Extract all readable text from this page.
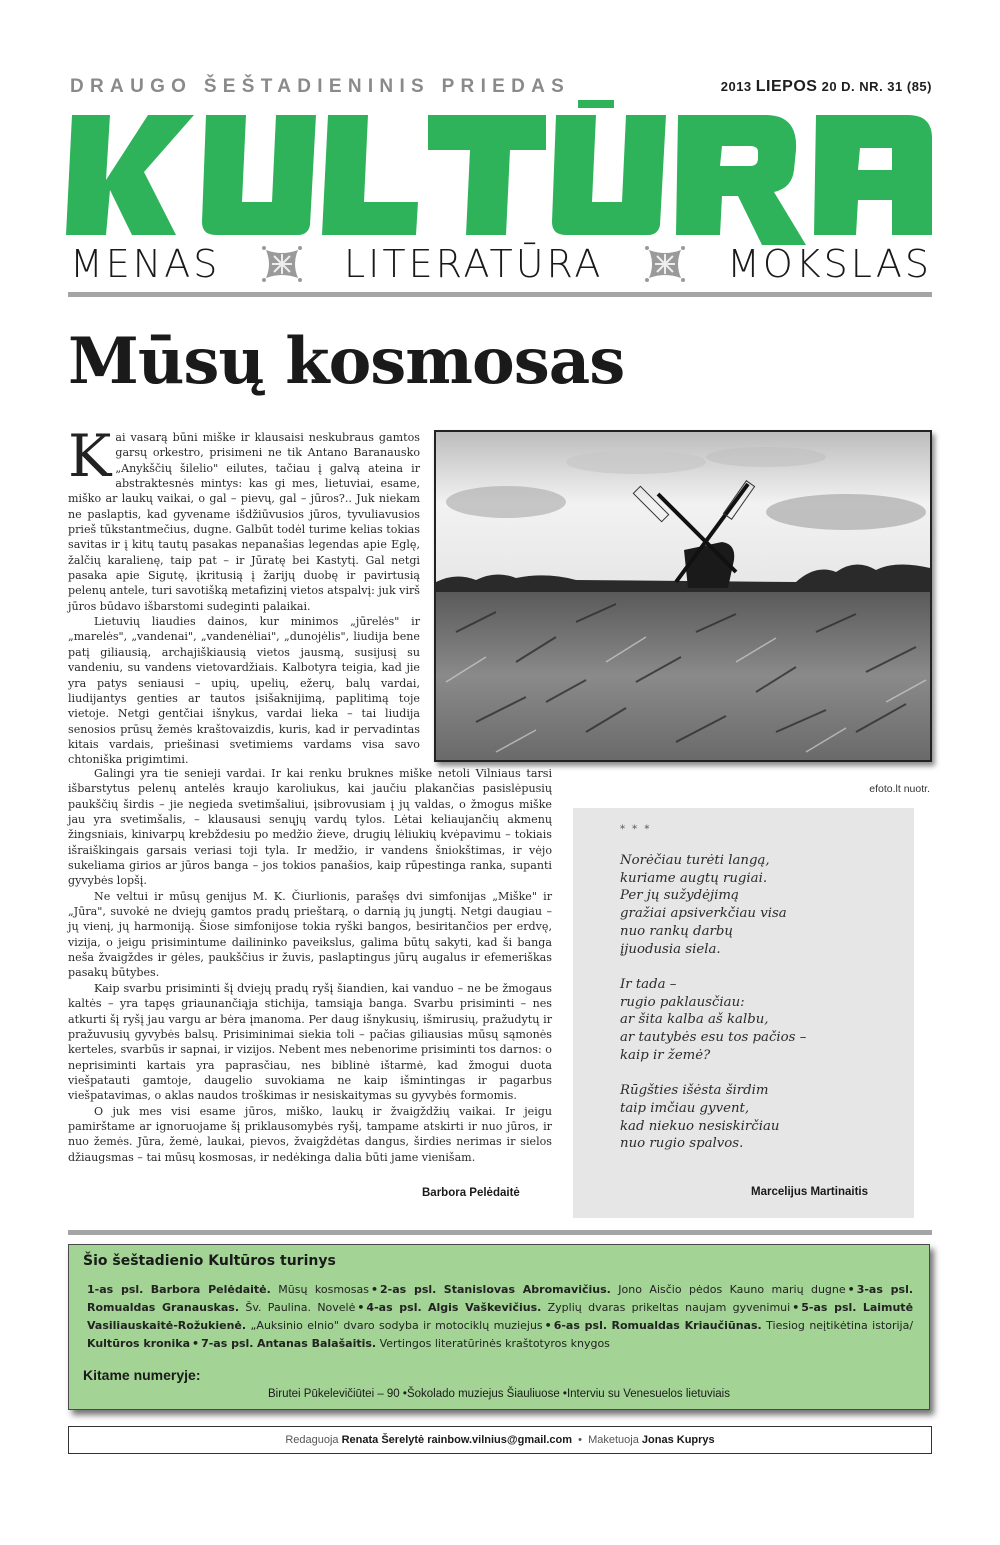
DRAUGO ŠEŠTADIENINIS PRIEDAS	2013 LIEPOS 20 D. NR. 31 (85)
MENAS	LITERATŪRA	MOKSLAS
Mūsų kosmosas

Kai vasarą būni miške ir klausaisi neskubraus gamtos garsų orkestro, prisimeni ne tik Antano Baranausko „Anykščių šilelio" eilutes, tačiau į galvą ateina ir abstraktesnės mintys: kas gi mes, lietuviai, esame, miško ar laukų vaikai, o gal – pievų, gal – jūros?.. Juk niekam ne paslaptis, kad gyvename išdžiūvusios jūros, tyvuliavusios prieš tūkstantmečius, dugne. Galbūt todėl turime kelias tokias savitas ir į kitų tautų pasakas nepanašias legendas apie Eglę, žalčių karalienę, taip pat – ir Jūratę bei Kastytį. Gal netgi pasaka apie Sigutę, įkritusią į žarijų duobę ir pavirtusią pelenų antele, turi savotišką metafizinį vietos atspalvį: juk virš jūros būdavo išbarstomi sudeginti palaikai.

Lietuvių liaudies dainos, kur minimos „jūrelės" ir „marelės", „vandenai", „vandenėliai", „dunojėlis", liudija bene patį giliausią, archajiškiausią vietos jausmą, susijusį su vandeniu, su vandens vietovardžiais. Kalbotyra teigia, kad jie yra patys seniausi – upių, upelių, ežerų, balų vardai, liudijantys genties ar tautos įsišaknijimą, paplitimą toje vietoje. Netgi gentčiai išnykus, vardai lieka – tai liudija senosios prūsų žemės kraštovaizdis, kuris, kad ir pervadintas kitais vardais, priešinasi svetimiems vardams visa savo chtoniška prigimtimi.

efoto.lt nuotr.

Galingi yra tie senieji vardai. Ir kai renku bruknes miške netoli Vilniaus tarsi išbarstytus pelenų antelės kraujo karoliukus, kai jaučiu plakančias pasislėpusių paukščių širdis – jie negieda svetimšaliui, įsibrovusiam į jų valdas, o žmogus miške jau yra svetimšalis, – klausausi senųjų vardų tylos. Lėtai keliaujančių akmenų žingsniais, kinivarpų krebždesiu po medžio žieve, drugių lėliukių kvėpavimu – tokiais išraiškingais garsais veriasi toji tyla. Ir medžio, ir vandens šniokštimas, ir vėjo sukeliama girios ar jūros banga – jos tokios panašios, kaip rūpestinga ranka, supanti gyvybės lopšį.

Ne veltui ir mūsų genijus M. K. Čiurlionis, parašęs dvi simfonijas „Miške" ir „Jūra", suvokė ne dviejų gamtos pradų prieštarą, o darnią jų jungtį. Netgi daugiau – jų vienį, jų harmoniją. Šiose simfonijose tokia ryški bangos, besiritančios per erdvę, vizija, o jeigu prisimintume dailininko paveikslus, galima būtų sakyti, kad ši banga neša žvaigždes ir gėles, paukščius ir žuvis, paslaptingus jūrų augalus ir efemeriškas pasakų būtybes.

Kaip svarbu prisiminti šį dviejų pradų ryšį šiandien, kai vanduo – ne be žmogaus kaltės – yra tapęs griaunančiąja stichija, tamsiąja banga. Svarbu prisiminti – nes atkurti šį ryšį jau vargu ar bėra įmanoma. Per daug išnykusių, išmirusių, pražudytų ir pražuvusių gyvybės balsų. Prisiminimai siekia toli – pačias giliausias mūsų sąmonės kerteles, svarbūs ir sapnai, ir vizijos. Nebent mes nebenorime prisiminti tos darnos: o neprisiminti kartais yra paprasčiau, nes biblinė ištarmė, kad žmogui duota viešpatauti gamtoje, daugelio suvokiama ne kaip išmintingas ir pagarbus viešpatavimas, o aklas naudos troškimas ir nesiskaitymas su gyvybės formomis.

O juk mes visi esame jūros, miško, laukų ir žvaigždžių vaikai. Ir jeigu pamirštame ar ignoruojame šį priklausomybės ryšį, tampame atskirti ir nuo jūros, ir nuo žemės. Jūra, žemė, laukai, pievos, žvaigždėtas dangus, širdies nerimas ir sielos džiaugsmas – tai mūsų kosmosas, ir nedėkinga dalia būti jame vienišam.

Barbora Pelėdaitė
* * *
Norėčiau turėti langą,
kuriame augtų rugiai.
Per jų sužydėjimą
gražiai apsiverkčiau visa
nuo rankų darbų
įjuodusia siela.
Ir tada –
rugio paklausčiau:
ar šita kalba aš kalbu,
ar tautybės esu tos pačios –
kaip ir žemė?
Rūgšties išėsta širdim
taip imčiau gyvent,
kad niekuo nesiskirčiau
nuo rugio spalvos.
Marcelijus Martinaitis
Šio šeštadienio Kultūros turinys
1-as psl. Barbora Pelėdaitė. Mūsų kosmosas • 2-as psl. Stanislovas Abromavičius. Jono Aisčio pėdos Kauno marių dugne • 3-as psl. Romualdas Granauskas. Šv. Paulina. Novelė • 4-as psl. Algis Vaškevičius. Zyplių dvaras prikeltas naujam gyvenimui • 5-as psl. Laimutė Vasiliauskaitė-Rožukienė. „Auksinio elnio" dvaro sodyba ir motociklų muziejus • 6-as psl. Romualdas Kriaučiūnas. Tiesiog neįtikėtina istorija/ Kultūros kronika • 7-as psl. Antanas Balašaitis. Vertingos literatūrinės kraštotyros knygos
Kitame numeryje:
Birutei Pūkelevičiūtei – 90 •Šokolado muziejus Šiauliuose •Interviu su Venesuelos lietuviais
Redaguoja
Renata Šerelytė
rainbow.vilnius@gmail.com • Maketuoja
Jonas Kuprys
